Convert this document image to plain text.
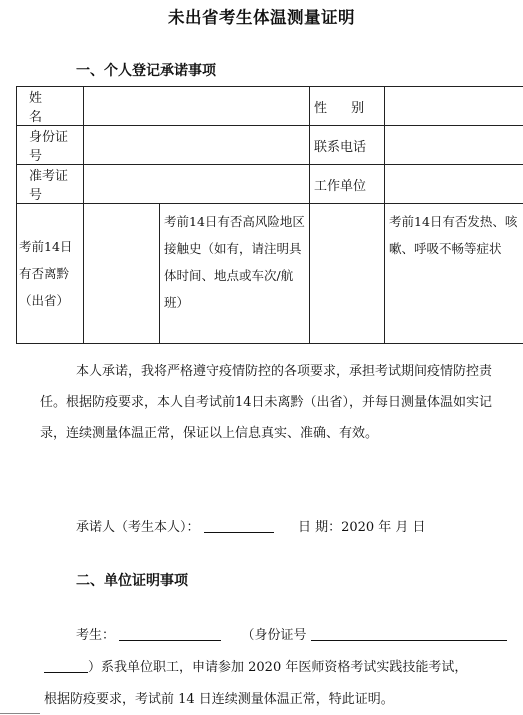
未出省考生体温测量证明
一、个人登记承诺事项
姓 名			性 别	
身份证号			联系电话	
准考证号			工作单位	
考前14日有否离黔（出省）		考前14日有否高风险地区接触史（如有，请注明具体时间、地点或车次/航班）		考前14日有否发热、咳嗽、呼吸不畅等症状
本人承诺，我将严格遵守疫情防控的各项要求，承担考试期间疫情防控责任。根据防疫要求，本人自考试前14日未离黔（出省），并每日测量体温如实记录，连续测量体温正常，保证以上信息真实、准确、有效。
承诺人（考生本人）：	日 期：2020 年 月 日
二、单位证明事项
考生：	（身份证号
）系我单位职工，申请参加 2020 年医师资格考试实践技能考试，
根据防疫要求，考试前 14 日连续测量体温正常，特此证明。
